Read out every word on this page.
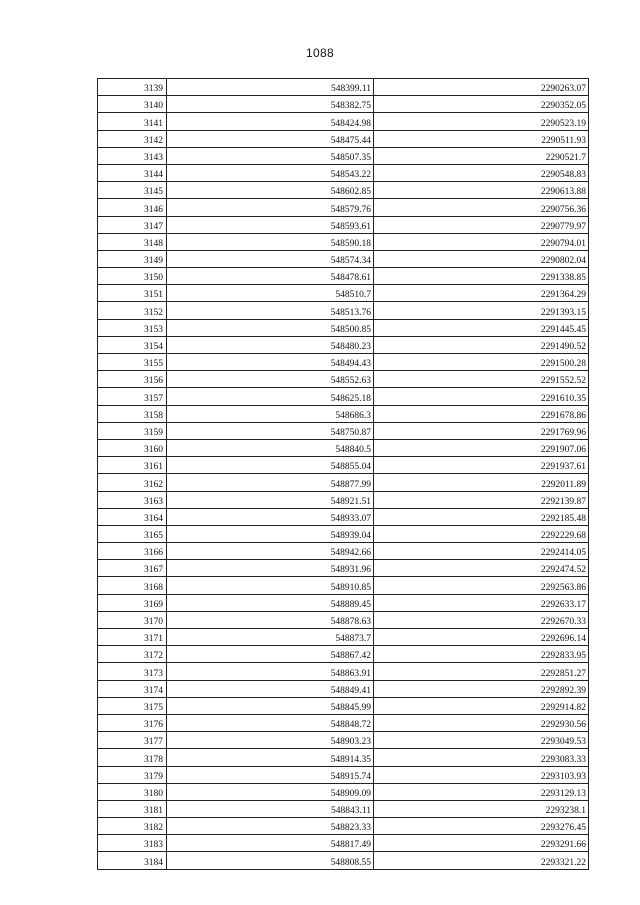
1088
3139	548399.11	2290263.07
3140	548382.75	2290352.05
3141	548424.98	2290523.19
3142	548475.44	2290511.93
3143	548507.35	2290521.7
3144	548543.22	2290548.83
3145	548602.85	2290613.88
3146	548579.76	2290756.36
3147	548593.61	2290779.97
3148	548590.18	2290794.01
3149	548574.34	2290802.04
3150	548478.61	2291338.85
3151	548510.7	2291364.29
3152	548513.76	2291393.15
3153	548500.85	2291445.45
3154	548480.23	2291490.52
3155	548494.43	2291500.28
3156	548552.63	2291552.52
3157	548625.18	2291610.35
3158	548686.3	2291678.86
3159	548750.87	2291769.96
3160	548840.5	2291907.06
3161	548855.04	2291937.61
3162	548877.99	2292011.89
3163	548921.51	2292139.87
3164	548933.07	2292185.48
3165	548939.04	2292229.68
3166	548942.66	2292414.05
3167	548931.96	2292474.52
3168	548910.85	2292563.86
3169	548889.45	2292633.17
3170	548878.63	2292670.33
3171	548873.7	2292696.14
3172	548867.42	2292833.95
3173	548863.91	2292851.27
3174	548849.41	2292892.39
3175	548845.99	2292914.82
3176	548848.72	2292930.56
3177	548903.23	2293049.53
3178	548914.35	2293083.33
3179	548915.74	2293103.93
3180	548909.09	2293129.13
3181	548843.11	2293238.1
3182	548823.33	2293276.45
3183	548817.49	2293291.66
3184	548808.55	2293321.22
